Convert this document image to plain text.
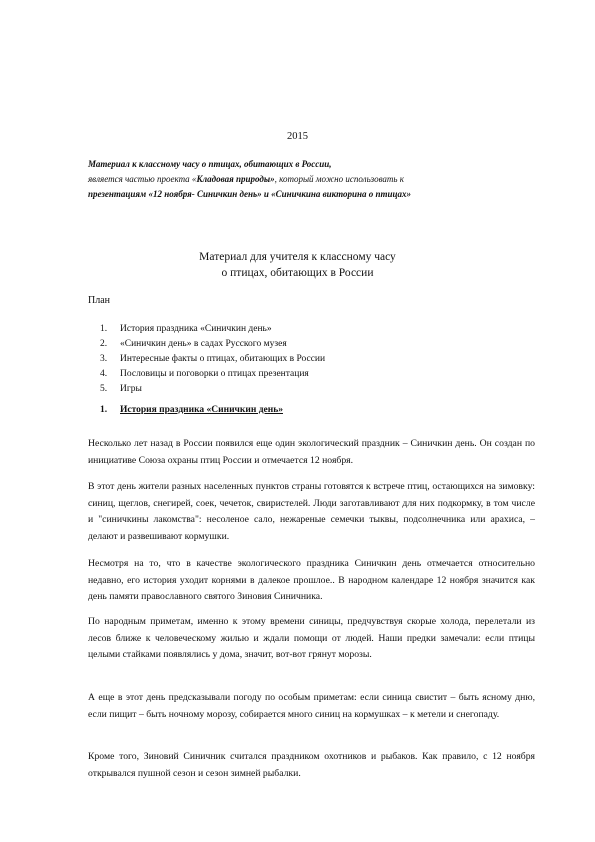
2015
Материал к классному часу о птицах, обитающих в России,
является частью проекта «Кладовая природы», который можно использовать к
презентациям «12 ноября- Синичкин день» и «Синичкина викторина о птицах»
Материал для учителя к классному часу
о птицах, обитающих в России
План
1. История праздника «Синичкин день»
2. «Синичкин день» в садах Русского музея
3. Интересные факты о птицах, обитающих в России
4. Пословицы и поговорки о птицах презентация
5. Игры
1. История праздника «Синичкин день»

Несколько лет назад в России появился еще один экологический праздник – Синичкин день. Он создан по инициативе Союза охраны птиц России и отмечается 12 ноября.

В этот день жители разных населенных пунктов страны готовятся к встрече птиц, остающихся на зимовку: синиц, щеглов, снегирей, соек, чечеток, свиристелей. Люди заготавливают для них подкормку, в том числе и "синичкины лакомства": несоленое сало, нежареные семечки тыквы, подсолнечника или арахиса, – делают и развешивают кормушки.

Несмотря на то, что в качестве экологического праздника Синичкин день отмечается относительно недавно, его история уходит корнями в далекое прошлое.. В народном календаре 12 ноября значится как день памяти православного святого Зиновия Синичника.

По народным приметам, именно к этому времени синицы, предчувствуя скорые холода, перелетали из лесов ближе к человеческому жилью и ждали помощи от людей. Наши предки замечали: если птицы целыми стайками появлялись у дома, значит, вот-вот грянут морозы.

А еще в этот день предсказывали погоду по особым приметам: если синица свистит – быть ясному дню, если пищит – быть ночному морозу, собирается много синиц на кормушках – к метели и снегопаду.

Кроме того, Зиновий Синичник считался праздником охотников и рыбаков. Как правило, с 12 ноября открывался пушной сезон и сезон зимней рыбалки.
